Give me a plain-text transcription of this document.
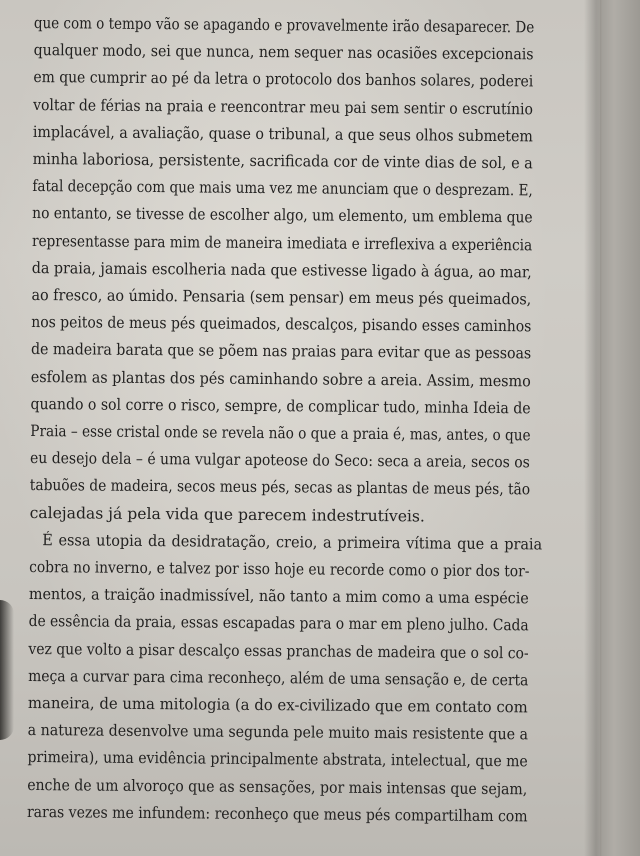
que com o tempo vão se apagando e provavelmente irão desaparecer. De
qualquer modo, sei que nunca, nem sequer nas ocasiões excepcionais
em que cumprir ao pé da letra o protocolo dos banhos solares, poderei
voltar de férias na praia e reencontrar meu pai sem sentir o escrutínio
implacável, a avaliação, quase o tribunal, a que seus olhos submetem
minha laboriosa, persistente, sacrificada cor de vinte dias de sol, e a
fatal decepção com que mais uma vez me anunciam que o desprezam. E,
no entanto, se tivesse de escolher algo, um elemento, um emblema que
representasse para mim de maneira imediata e irreflexiva a experiência
da praia, jamais escolheria nada que estivesse ligado à água, ao mar,
ao fresco, ao úmido. Pensaria (sem pensar) em meus pés queimados,
nos peitos de meus pés queimados, descalços, pisando esses caminhos
de madeira barata que se põem nas praias para evitar que as pessoas
esfolem as plantas dos pés caminhando sobre a areia. Assim, mesmo
quando o sol corre o risco, sempre, de complicar tudo, minha Ideia de
Praia – esse cristal onde se revela não o que a praia é, mas, antes, o que
eu desejo dela – é uma vulgar apoteose do Seco: seca a areia, secos os
tabuões de madeira, secos meus pés, secas as plantas de meus pés, tão
calejadas já pela vida que parecem indestrutíveis.
É essa utopia da desidratação, creio, a primeira vítima que a praia
cobra no inverno, e talvez por isso hoje eu recorde como o pior dos tor-
mentos, a traição inadmissível, não tanto a mim como a uma espécie
de essência da praia, essas escapadas para o mar em pleno julho. Cada
vez que volto a pisar descalço essas pranchas de madeira que o sol co-
meça a curvar para cima reconheço, além de uma sensação e, de certa
maneira, de uma mitologia (a do ex-civilizado que em contato com
a natureza desenvolve uma segunda pele muito mais resistente que a
primeira), uma evidência principalmente abstrata, intelectual, que me
enche de um alvoroço que as sensações, por mais intensas que sejam,
raras vezes me infundem: reconheço que meus pés compartilham com
